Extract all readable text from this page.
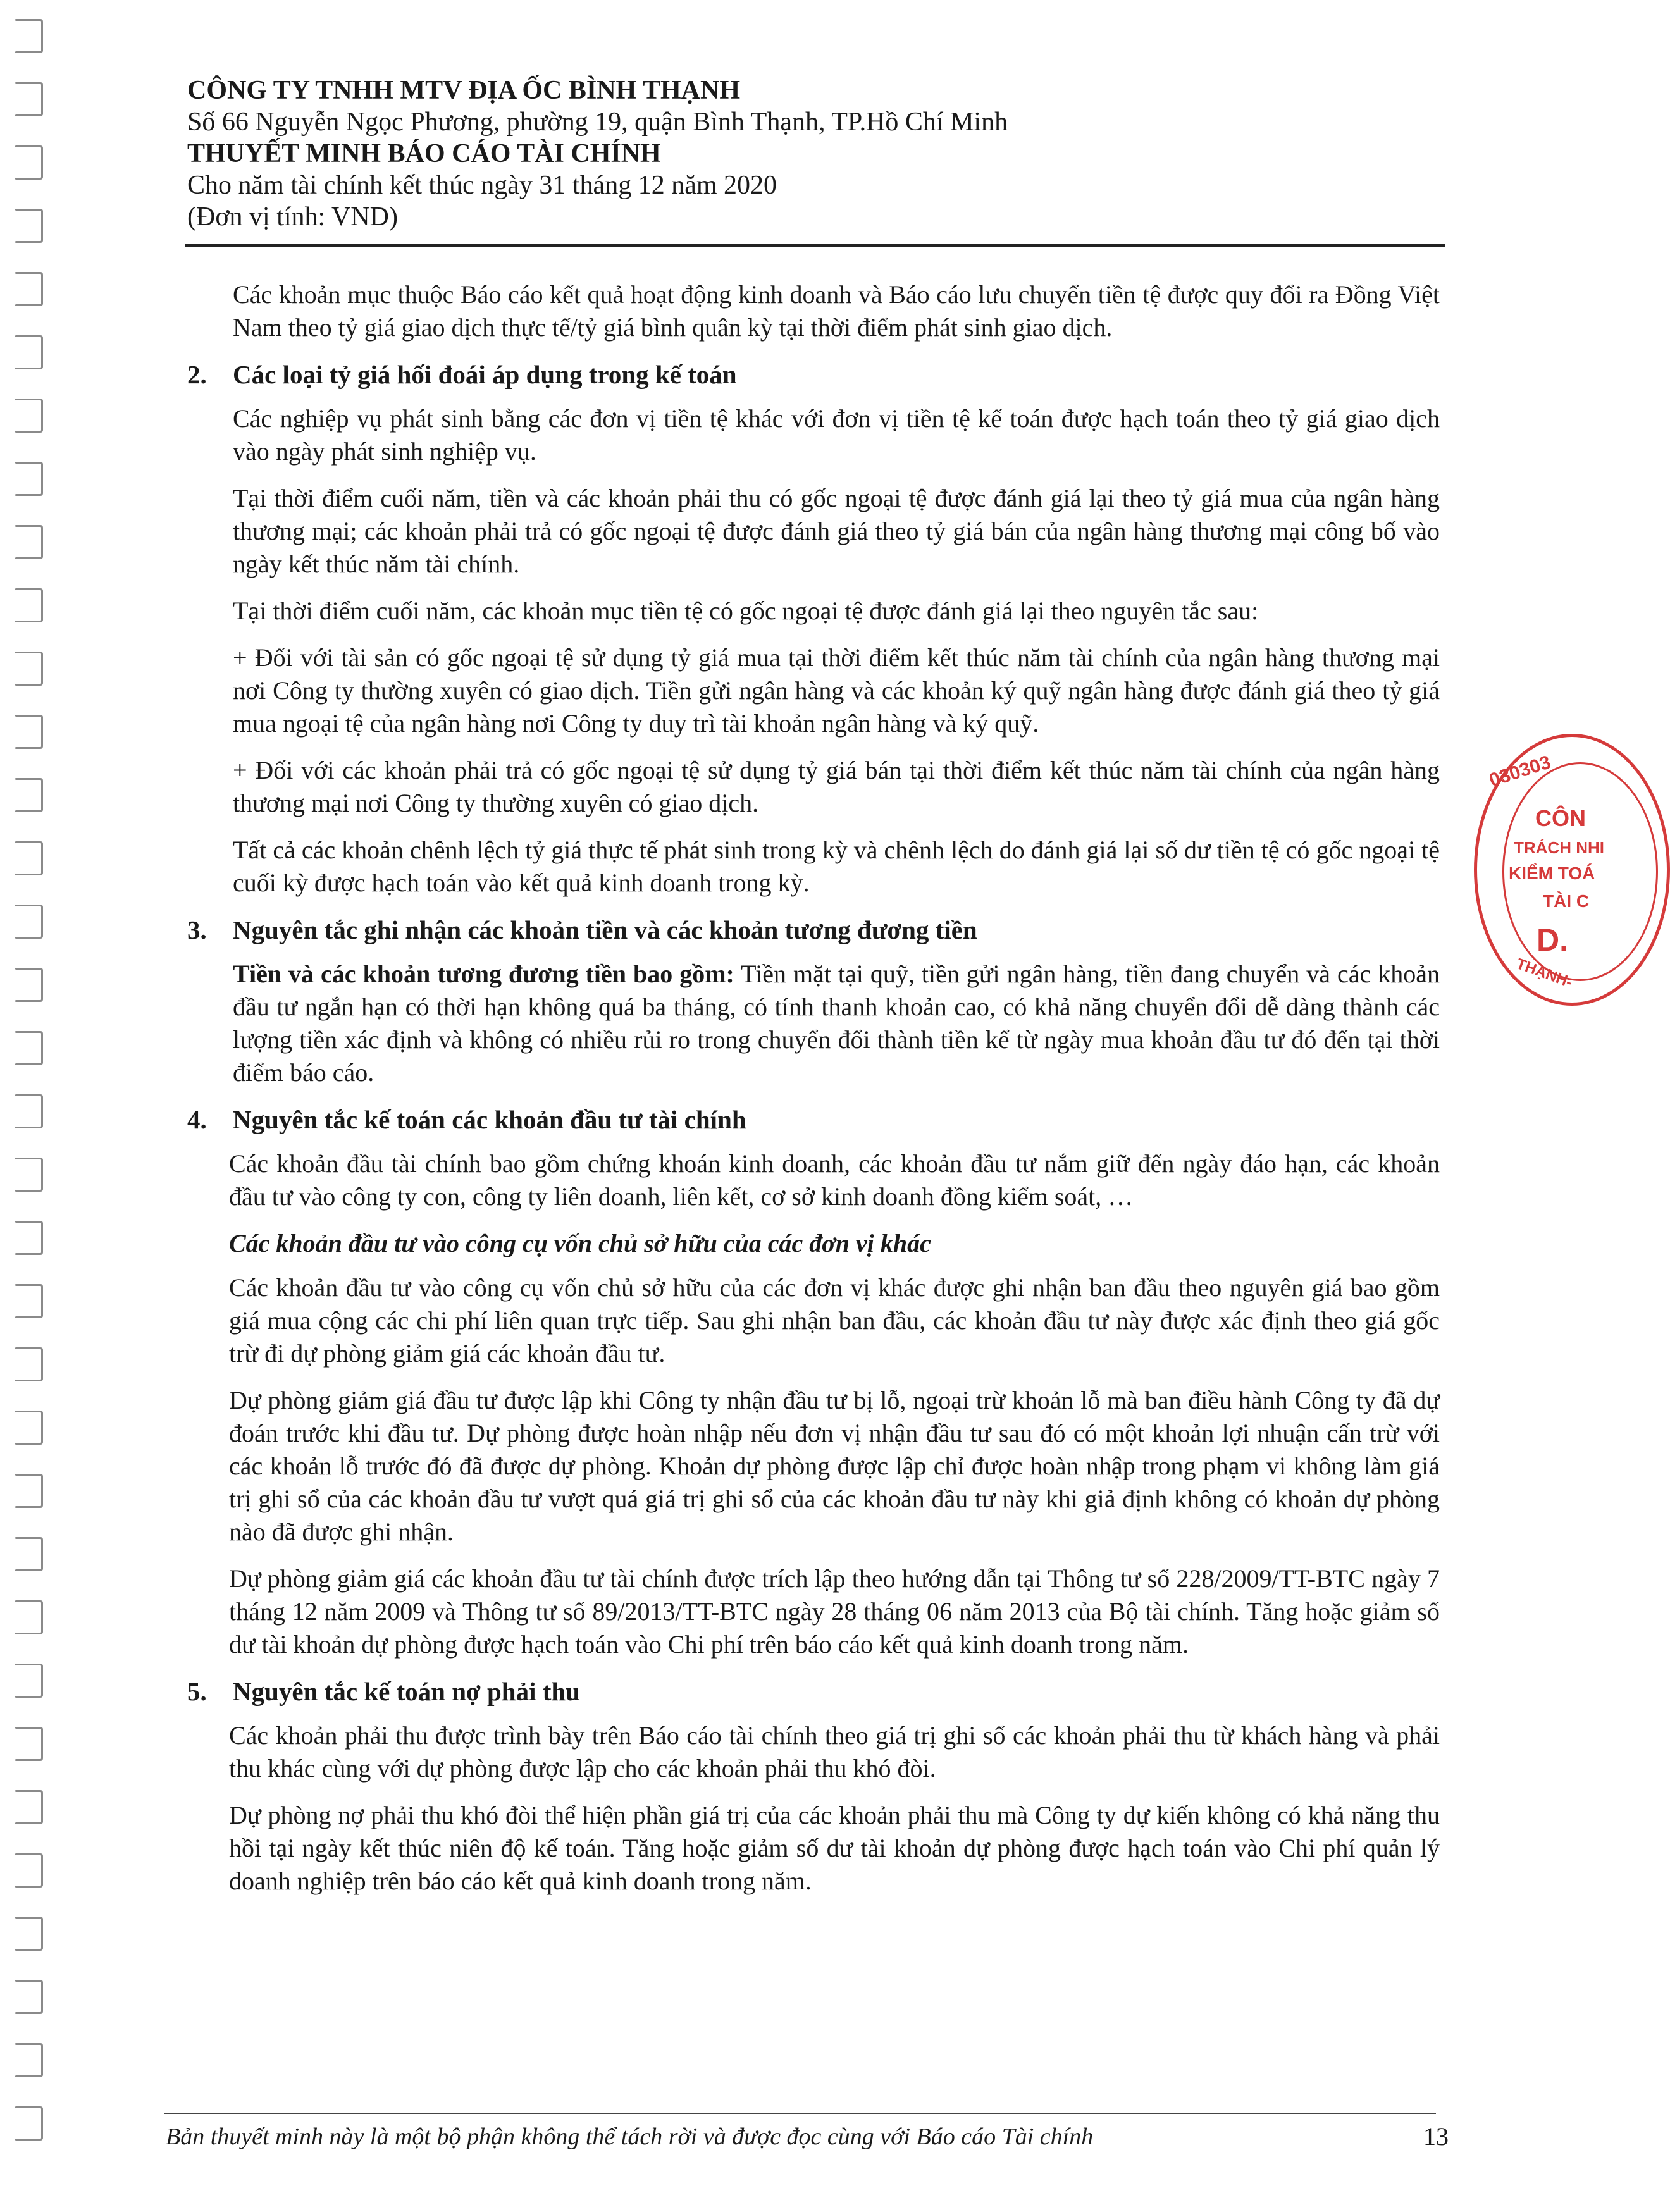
CÔNG TY TNHH MTV ĐỊA ỐC BÌNH THẠNH
Số 66 Nguyễn Ngọc Phương, phường 19, quận Bình Thạnh, TP.Hồ Chí Minh
THUYẾT MINH BÁO CÁO TÀI CHÍNH
Cho năm tài chính kết thúc ngày 31 tháng 12 năm 2020
(Đơn vị tính: VND)

Các khoản mục thuộc Báo cáo kết quả hoạt động kinh doanh và Báo cáo lưu chuyển tiền tệ được quy đổi ra Đồng Việt Nam theo tỷ giá giao dịch thực tế/tỷ giá bình quân kỳ tại thời điểm phát sinh giao dịch.

2.	Các loại tỷ giá hối đoái áp dụng trong kế toán

Các nghiệp vụ phát sinh bằng các đơn vị tiền tệ khác với đơn vị tiền tệ kế toán được hạch toán theo tỷ giá giao dịch vào ngày phát sinh nghiệp vụ.

Tại thời điểm cuối năm, tiền và các khoản phải thu có gốc ngoại tệ được đánh giá lại theo tỷ giá mua của ngân hàng thương mại; các khoản phải trả có gốc ngoại tệ được đánh giá theo tỷ giá bán của ngân hàng thương mại công bố vào ngày kết thúc năm tài chính.

Tại thời điểm cuối năm, các khoản mục tiền tệ có gốc ngoại tệ được đánh giá lại theo nguyên tắc sau:

+ Đối với tài sản có gốc ngoại tệ sử dụng tỷ giá mua tại thời điểm kết thúc năm tài chính của ngân hàng thương mại nơi Công ty thường xuyên có giao dịch. Tiền gửi ngân hàng và các khoản ký quỹ ngân hàng được đánh giá theo tỷ giá mua ngoại tệ của ngân hàng nơi Công ty duy trì tài khoản ngân hàng và ký quỹ.

+ Đối với các khoản phải trả có gốc ngoại tệ sử dụng tỷ giá bán tại thời điểm kết thúc năm tài chính của ngân hàng thương mại nơi Công ty thường xuyên có giao dịch.

Tất cả các khoản chênh lệch tỷ giá thực tế phát sinh trong kỳ và chênh lệch do đánh giá lại số dư tiền tệ có gốc ngoại tệ cuối kỳ được hạch toán vào kết quả kinh doanh trong kỳ.

3.	Nguyên tắc ghi nhận các khoản tiền và các khoản tương đương tiền

Tiền và các khoản tương đương tiền bao gồm: Tiền mặt tại quỹ, tiền gửi ngân hàng, tiền đang chuyển và các khoản đầu tư ngắn hạn có thời hạn không quá ba tháng, có tính thanh khoản cao, có khả năng chuyển đổi dễ dàng thành các lượng tiền xác định và không có nhiều rủi ro trong chuyển đổi thành tiền kể từ ngày mua khoản đầu tư đó đến tại thời điểm báo cáo.

4.	Nguyên tắc kế toán các khoản đầu tư tài chính

Các khoản đầu tài chính bao gồm chứng khoán kinh doanh, các khoản đầu tư nắm giữ đến ngày đáo hạn, các khoản đầu tư vào công ty con, công ty liên doanh, liên kết, cơ sở kinh doanh đồng kiểm soát, …

Các khoản đầu tư vào công cụ vốn chủ sở hữu của các đơn vị khác

Các khoản đầu tư vào công cụ vốn chủ sở hữu của các đơn vị khác được ghi nhận ban đầu theo nguyên giá bao gồm giá mua cộng các chi phí liên quan trực tiếp. Sau ghi nhận ban đầu, các khoản đầu tư này được xác định theo giá gốc trừ đi dự phòng giảm giá các khoản đầu tư.

Dự phòng giảm giá đầu tư được lập khi Công ty nhận đầu tư bị lỗ, ngoại trừ khoản lỗ mà ban điều hành Công ty đã dự đoán trước khi đầu tư. Dự phòng được hoàn nhập nếu đơn vị nhận đầu tư sau đó có một khoản lợi nhuận cấn trừ với các khoản lỗ trước đó đã được dự phòng. Khoản dự phòng được lập chỉ được hoàn nhập trong phạm vi không làm giá trị ghi sổ của các khoản đầu tư vượt quá giá trị ghi sổ của các khoản đầu tư này khi giả định không có khoản dự phòng nào đã được ghi nhận.

Dự phòng giảm giá các khoản đầu tư tài chính được trích lập theo hướng dẫn tại Thông tư số 228/2009/TT-BTC ngày 7 tháng 12 năm 2009 và Thông tư số 89/2013/TT-BTC ngày 28 tháng 06 năm 2013 của Bộ tài chính. Tăng hoặc giảm số dư tài khoản dự phòng được hạch toán vào Chi phí trên báo cáo kết quả kinh doanh trong năm.

5.	Nguyên tắc kế toán nợ phải thu

Các khoản phải thu được trình bày trên Báo cáo tài chính theo giá trị ghi sổ các khoản phải thu từ khách hàng và phải thu khác cùng với dự phòng được lập cho các khoản phải thu khó đòi.

Dự phòng nợ phải thu khó đòi thể hiện phần giá trị của các khoản phải thu mà Công ty dự kiến không có khả năng thu hồi tại ngày kết thúc niên độ kế toán. Tăng hoặc giảm số dư tài khoản dự phòng được hạch toán vào Chi phí quản lý doanh nghiệp trên báo cáo kết quả kinh doanh trong năm.

030303
CÔN
TRÁCH NHI
KIỂM TOÁ
TÀI C
D.
THẠNH-
Bản thuyết minh này là một bộ phận không thể tách rời và được đọc cùng với Báo cáo Tài chính	13
